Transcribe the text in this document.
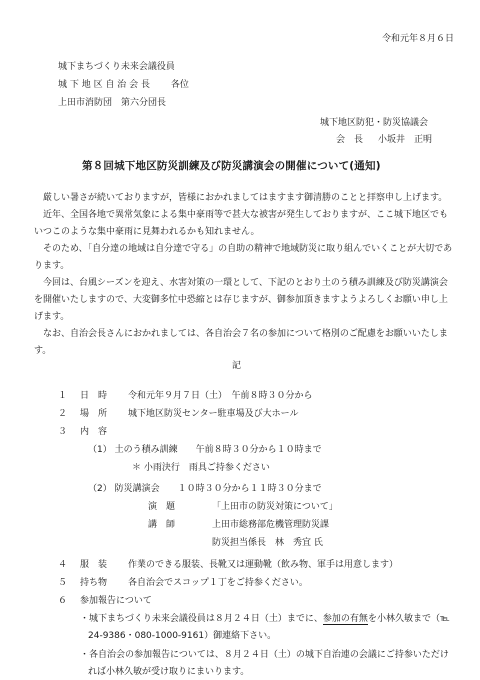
令和元年８月６日
城下まちづくり未来会議役員
城 下 地 区 自 治 会 長　　 各位
上田市消防団　第六分団長
城下地区防犯・防災協議会
会　長 小坂井　正明
第８回城下地区防災訓練及び防災講演会の開催について(通知)

　厳しい暑さが続いておりますが，皆様におかれましてはますます御清勝のことと拝察申し上げます。

　近年、全国各地で異常気象による集中豪雨等で甚大な被害が発生しておりますが、ここ城下地区でもいつこのような集中豪雨に見舞われるかも知れません。

　そのため、「自分達の地域は自分達で守る」の自助の精神で地域防災に取り組んでいくことが大切であります。

　今回は、台風シーズンを迎え、水害対策の一環として、下記のとおり土のう積み訓練及び防災講演会を開催いたしますので、大変御多忙中恐縮とは存じますが、御参加頂きますようよろしくお願い申し上げます。

　なお、自治会長さんにおかれましては、各自治会７名の参加について格別のご配慮をお願いいたします。

記
１ 日　時 令和元年９月７日（土）　午前８時３０分から
２ 場　所 城下地区防災センター駐車場及び大ホール
３ 内　容
（1） 土のう積み訓練　　午前８時３０分から１０時まで
＊ 小雨決行　雨具ご持参ください
（2） 防災講演会　　１０時３０分から１１時３０分まで
演　題	「上田市の防災対策について」
講　師	上田市総務部危機管理防災課
防災担当係長　林　秀宜 氏
４ 服　装 作業のできる服装、長靴又は運動靴（飲み物、軍手は用意します）
５ 持ち物 各自治会でスコップ１丁をご持参ください。
６ 参加報告について
・城下まちづくり未来会議役員は８月２４日（土）までに、参加の有無を小林久敏まで（℡
24-9386・080-1000-9161）御連絡下さい。
・各自治会の参加報告については、８月２４日（土）の城下自治連の会議にご持参いただけ
れば小林久敏が受け取りにまいります。
